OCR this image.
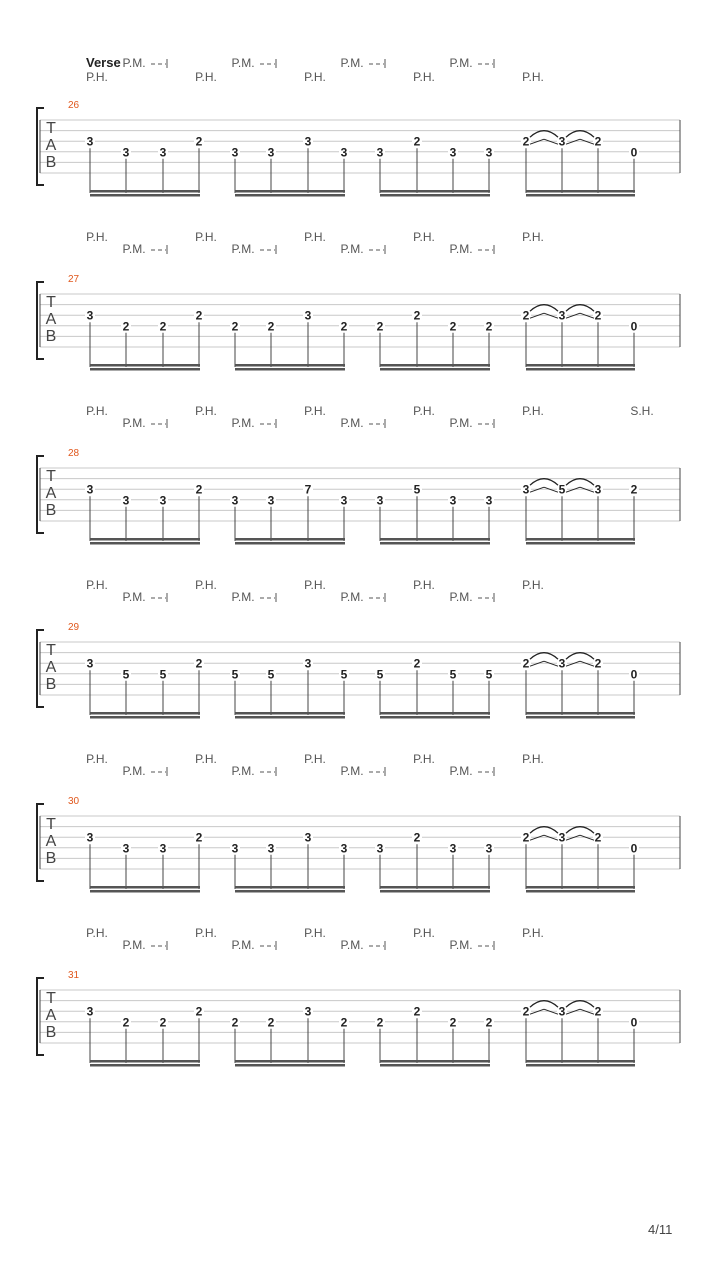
P.H.
P.M.
P.H.
P.M.
P.H.
P.M.
P.H.
P.M.
P.H.
26
T
A
B
3
3	3
2
3 3
3
3 3
2
3 3
2 3 2
0
P.H.
P.M.
P.H.
P.M.
P.H.
P.M.
P.H.
P.M.
P.H.
27
T
A
B
3
2	2
2
2 2
3
2 2
2
2 2
2 3 2
0
P.H.
P.M.
P.H.
P.M.
P.H.
P.M.
P.H.
P.M.
P.H.	S.H.
28
T
A
B
3
3	3
2
3 3
7
3 3
5
3 3
3 5 3 2
P.H.
P.M.
P.H.
P.M.
P.H.
P.M.
P.H.
P.M.
P.H.
29
T
A
B
3
5	5
2
5 5
3
5 5
2
5 5
2 3 2
0
P.H.
P.M.
P.H.
P.M.
P.H.
P.M.
P.H.
P.M.
P.H.
30
T
A
B
3
3	3
2
3 3
3
3 3
2
3 3
2 3 2
0
P.H.
P.M.
P.H.
P.M.
P.H.
P.M.
P.H.
P.M.
P.H.
31
T
A
B
3
2	2
2
2 2
3
2 2
2
2 2
2 3 2
0
Verse
4/11
